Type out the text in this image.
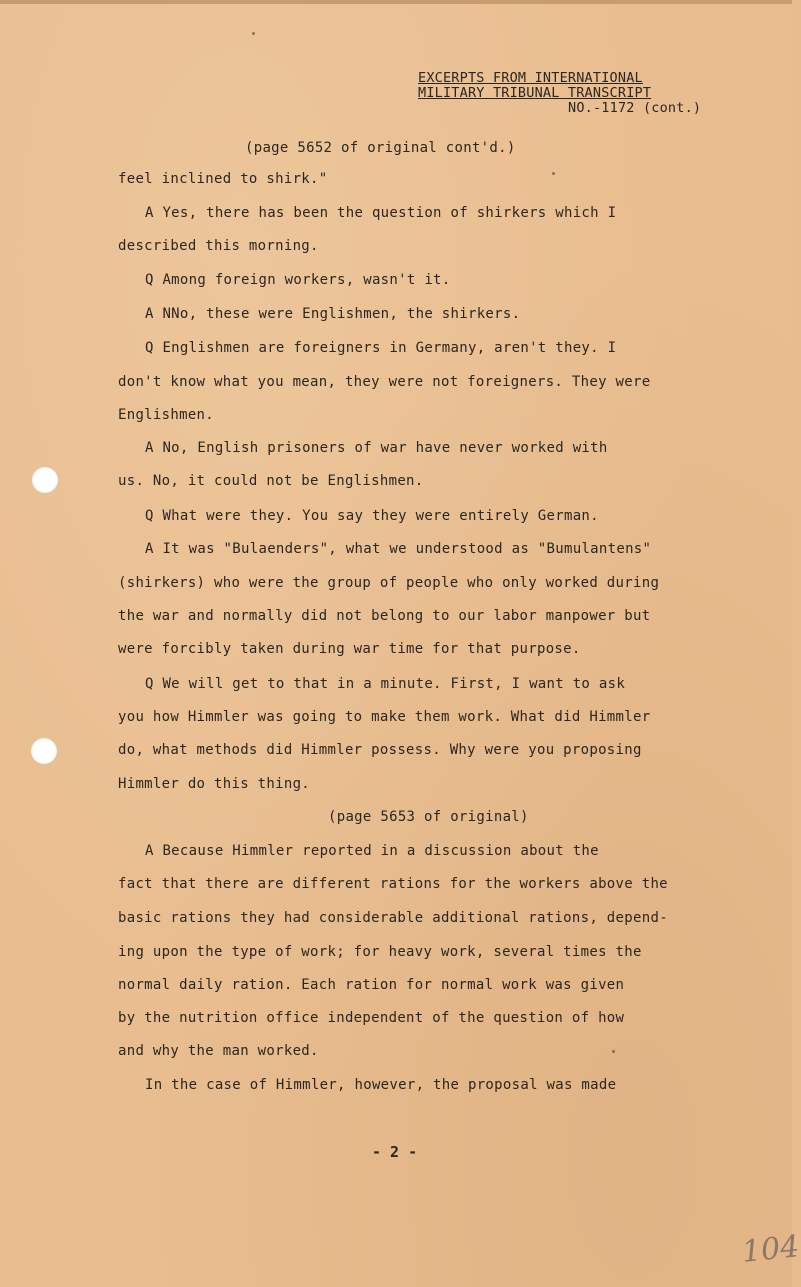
EXCERPTS FROM INTERNATIONAL
MILITARY TRIBUNAL TRANSCRIPT
NO.-1172 (cont.)
(page 5652 of original cont'd.)
feel inclined to shirk."
A Yes, there has been the question of shirkers which I
described this morning.
Q Among foreign workers, wasn't it.
A NNo, these were Englishmen, the shirkers.
Q Englishmen are foreigners in Germany, aren't they. I
don't know what you mean, they were not foreigners. They were
Englishmen.
A No, English prisoners of war have never worked with
us. No, it could not be Englishmen.
Q What were they. You say they were entirely German.
A It was "Bulaenders", what we understood as "Bumulantens"
(shirkers) who were the group of people who only worked during
the war and normally did not belong to our labor manpower but
were forcibly taken during war time for that purpose.
Q We will get to that in a minute. First, I want to ask
you how Himmler was going to make them work. What did Himmler
do, what methods did Himmler possess. Why were you proposing
Himmler do this thing.
(page 5653 of original)
A Because Himmler reported in a discussion about the
fact that there are different rations for the workers above the
basic rations they had considerable additional rations, depend-
ing upon the type of work; for heavy work, several times the
normal daily ration. Each ration for normal work was given
by the nutrition office independent of the question of how
and why the man worked.
In the case of Himmler, however, the proposal was made
- 2 -
104
